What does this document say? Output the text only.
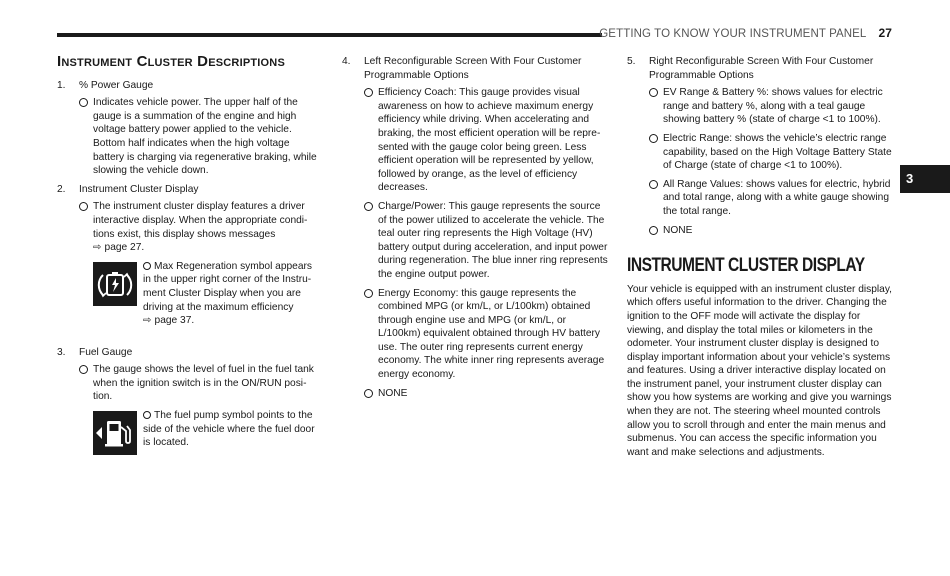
GETTING TO KNOW YOUR INSTRUMENT PANEL 27
3
Instrument Cluster Descriptions
1.	% Power Gauge
Indicates vehicle power. The upper half of the gauge is a summation of the engine and high voltage battery power applied to the vehicle. Bottom half indicates when the high voltage battery is charging via regenerative braking, while slowing the vehicle down.
2.	Instrument Cluster Display
The instrument cluster display features a driver interactive display. When the appropriate condi-tions exist, this display shows messages
⇨ page 27.
Max Regeneration symbol appears in the upper right corner of the Instru-ment Cluster Display when you are driving at the maximum efficiency
⇨ page 37.
3.	Fuel Gauge
The gauge shows the level of fuel in the fuel tank when the ignition switch is in the ON/RUN posi-tion.
The fuel pump symbol points to the side of the vehicle where the fuel door is located.
4.	Left Reconfigurable Screen With Four Customer Programmable Options
Efficiency Coach: This gauge provides visual awareness on how to achieve maximum energy efficiency while driving. When accelerating and braking, the most efficient operation will be repre-sented with the gauge color being green. Less efficient operation will be represented by yellow, followed by orange, as the level of efficiency decreases.
Charge/Power: This gauge represents the source of the power utilized to accelerate the vehicle. The teal outer ring represents the High Voltage (HV) battery output during acceleration, and input power during regeneration. The blue inner ring represents the engine output power.
Energy Economy: this gauge represents the combined MPG (or km/L, or L/100km) obtained through engine use and MPG (or km/L, or L/100km) equivalent obtained through HV battery use. The outer ring represents current energy economy. The white inner ring represents average energy economy.
NONE
5.	Right Reconfigurable Screen With Four Customer Programmable Options
EV Range & Battery %: shows values for electric range and battery %, along with a teal gauge showing battery % (state of charge <1 to 100%).
Electric Range: shows the vehicle’s electric range capability, based on the High Voltage Battery State of Charge (state of charge <1 to 100%).
All Range Values: shows values for electric, hybrid and total range, along with a white gauge showing the total range.
NONE
INSTRUMENT CLUSTER DISPLAY
Your vehicle is equipped with an instrument cluster display, which offers useful information to the driver. Changing the ignition to the OFF mode will activate the display for viewing, and display the total miles or kilometers in the odometer. Your instrument cluster display is designed to display important information about your vehicle’s systems and features. Using a driver interactive display located on the instrument panel, your instrument cluster display can show you how systems are working and give you warnings when they are not. The steering wheel mounted controls allow you to scroll through and enter the main menus and submenus. You can access the specific information you want and make selections and adjustments.
